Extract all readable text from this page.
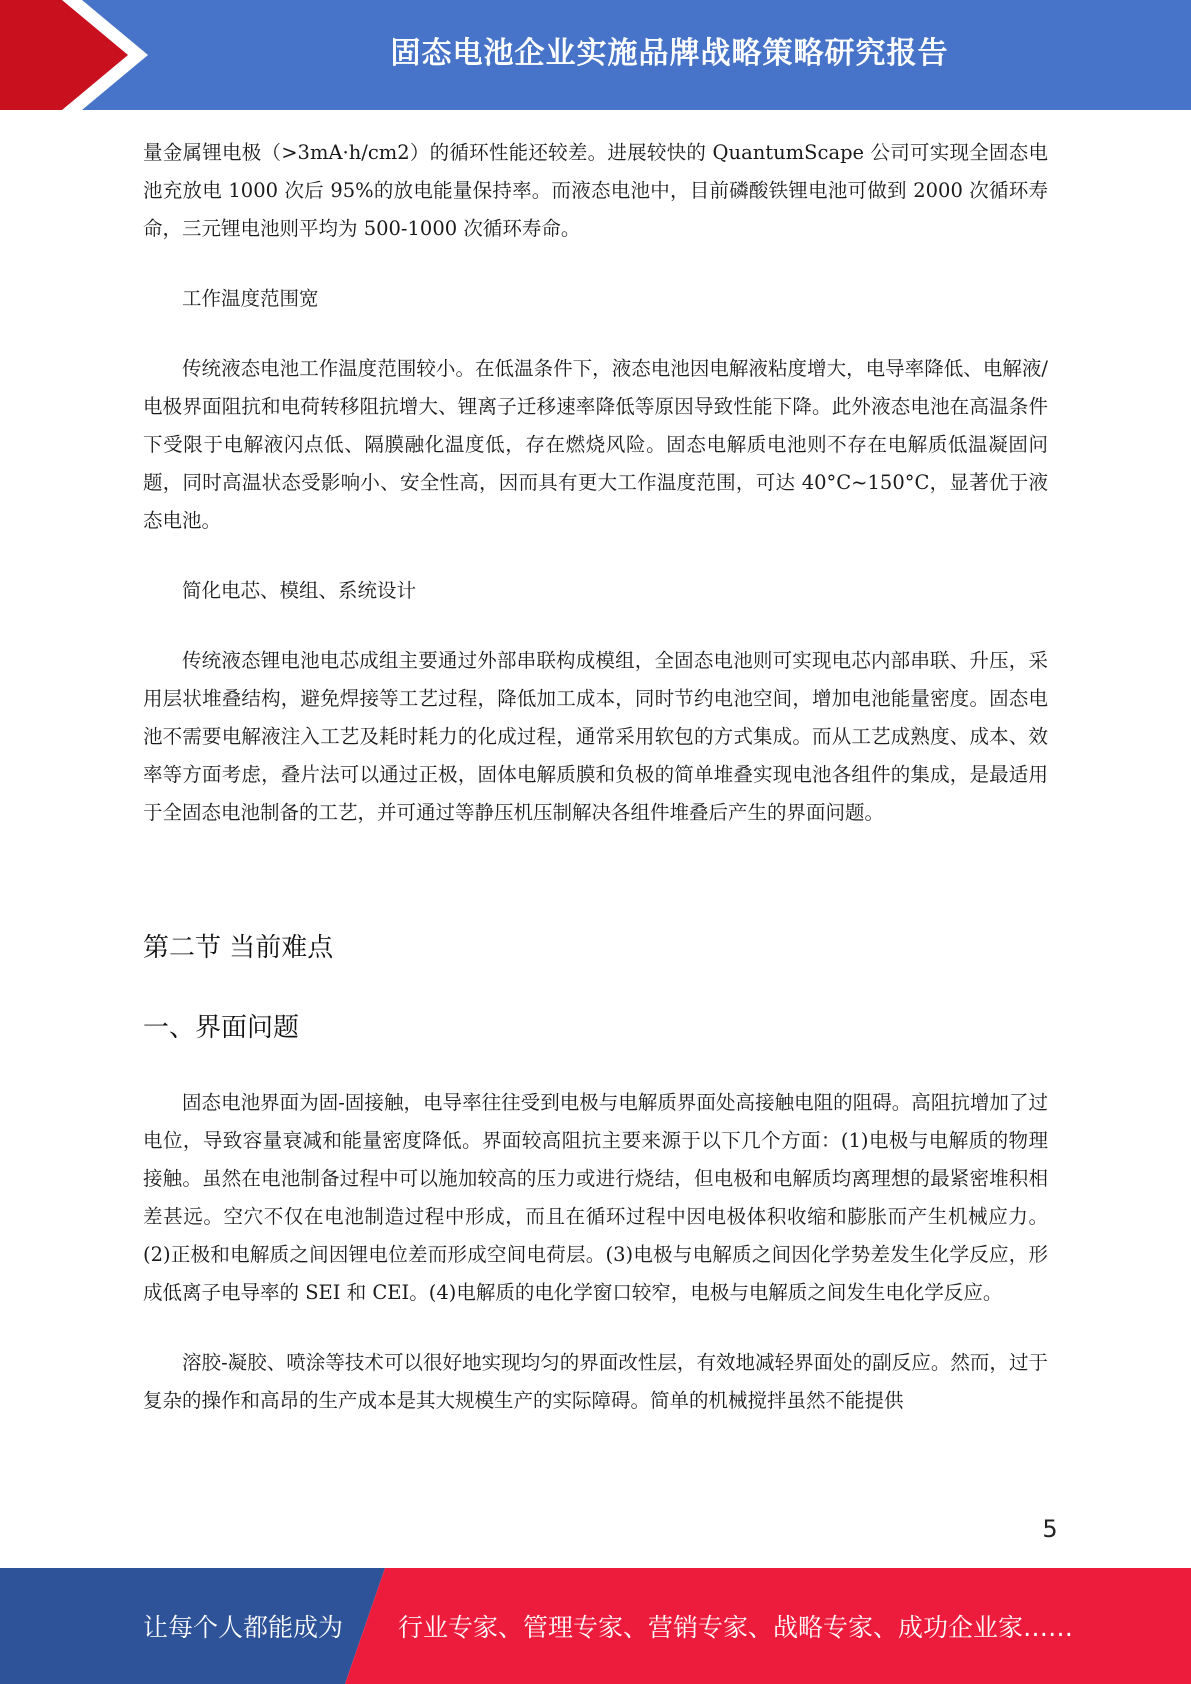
固态电池企业实施品牌战略策略研究报告

量金属锂电极（>3mA·h/cm2）的循环性能还较差。进展较快的 QuantumScape 公司可实现全固态电池充放电 1000 次后 95%的放电能量保持率。而液态电池中，目前磷酸铁锂电池可做到 2000 次循环寿命，三元锂电池则平均为 500-1000 次循环寿命。

工作温度范围宽

传统液态电池工作温度范围较小。在低温条件下，液态电池因电解液粘度增大，电导率降低、电解液/电极界面阻抗和电荷转移阻抗增大、锂离子迁移速率降低等原因导致性能下降。此外液态电池在高温条件下受限于电解液闪点低、隔膜融化温度低，存在燃烧风险。固态电解质电池则不存在电解质低温凝固问题，同时高温状态受影响小、安全性高，因而具有更大工作温度范围，可达 40°C~150°C，显著优于液态电池。

简化电芯、模组、系统设计

传统液态锂电池电芯成组主要通过外部串联构成模组，全固态电池则可实现电芯内部串联、升压，采用层状堆叠结构，避免焊接等工艺过程，降低加工成本，同时节约电池空间，增加电池能量密度。固态电池不需要电解液注入工艺及耗时耗力的化成过程，通常采用软包的方式集成。而从工艺成熟度、成本、效率等方面考虑，叠片法可以通过正极，固体电解质膜和负极的简单堆叠实现电池各组件的集成，是最适用于全固态电池制备的工艺，并可通过等静压机压制解决各组件堆叠后产生的界面问题。

第二节 当前难点
一、界面问题

固态电池界面为固-固接触，电导率往往受到电极与电解质界面处高接触电阻的阻碍。高阻抗增加了过电位，导致容量衰减和能量密度降低。界面较高阻抗主要来源于以下几个方面：(1)电极与电解质的物理接触。虽然在电池制备过程中可以施加较高的压力或进行烧结，但电极和电解质均离理想的最紧密堆积相差甚远。空穴不仅在电池制造过程中形成，而且在循环过程中因电极体积收缩和膨胀而产生机械应力。(2)正极和电解质之间因锂电位差而形成空间电荷层。(3)电极与电解质之间因化学势差发生化学反应，形成低离子电导率的 SEI 和 CEI。(4)电解质的电化学窗口较窄，电极与电解质之间发生电化学反应。

溶胶-凝胶、喷涂等技术可以很好地实现均匀的界面改性层，有效地减轻界面处的副反应。然而，过于复杂的操作和高昂的生产成本是其大规模生产的实际障碍。简单的机械搅拌虽然不能提供

5
让每个人都能成为 行业专家、管理专家、营销专家、战略专家、成功企业家……
